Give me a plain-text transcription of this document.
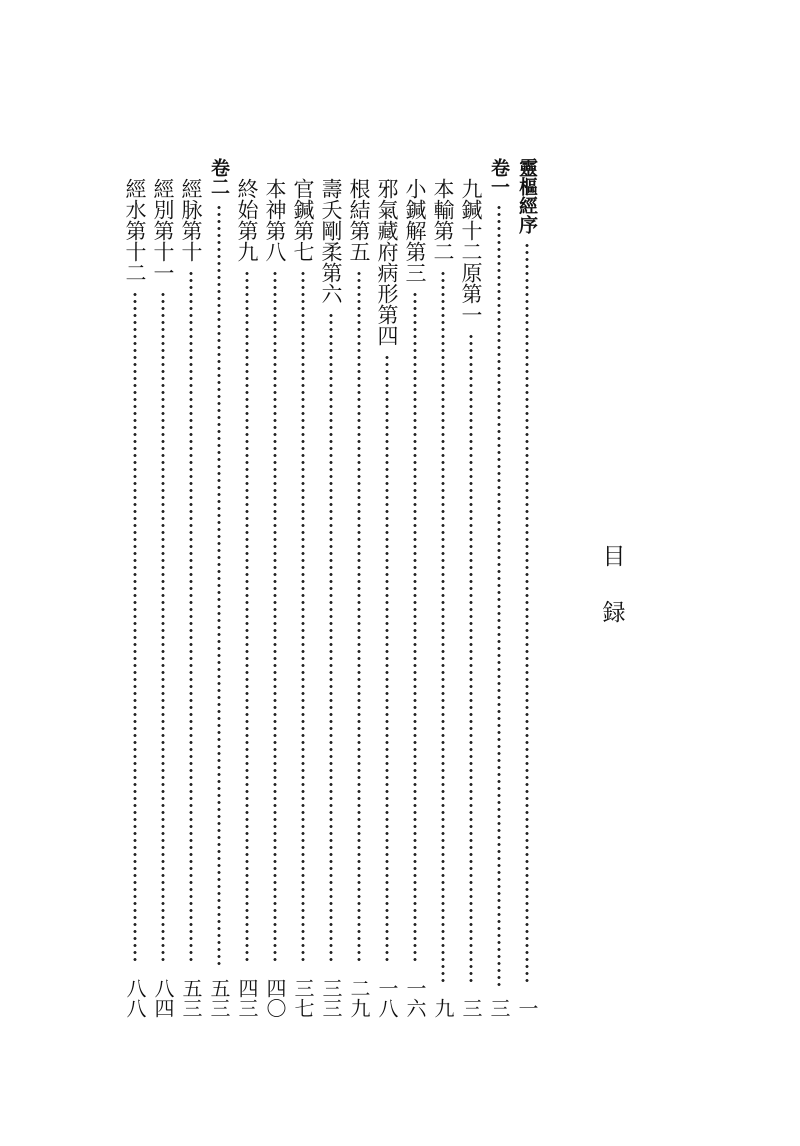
目
録
靈樞經序
一
卷一
三
九鍼十二原第一
三
本輸第二
九
小鍼解第三
一六
邪氣藏府病形第四
一八
根結第五
二九
壽夭剛柔第六
三三
官鍼第七
三七
本神第八
四〇
終始第九
四三
卷二
五三
經脉第十
五三
經別第十一
八四
經水第十二
八八
